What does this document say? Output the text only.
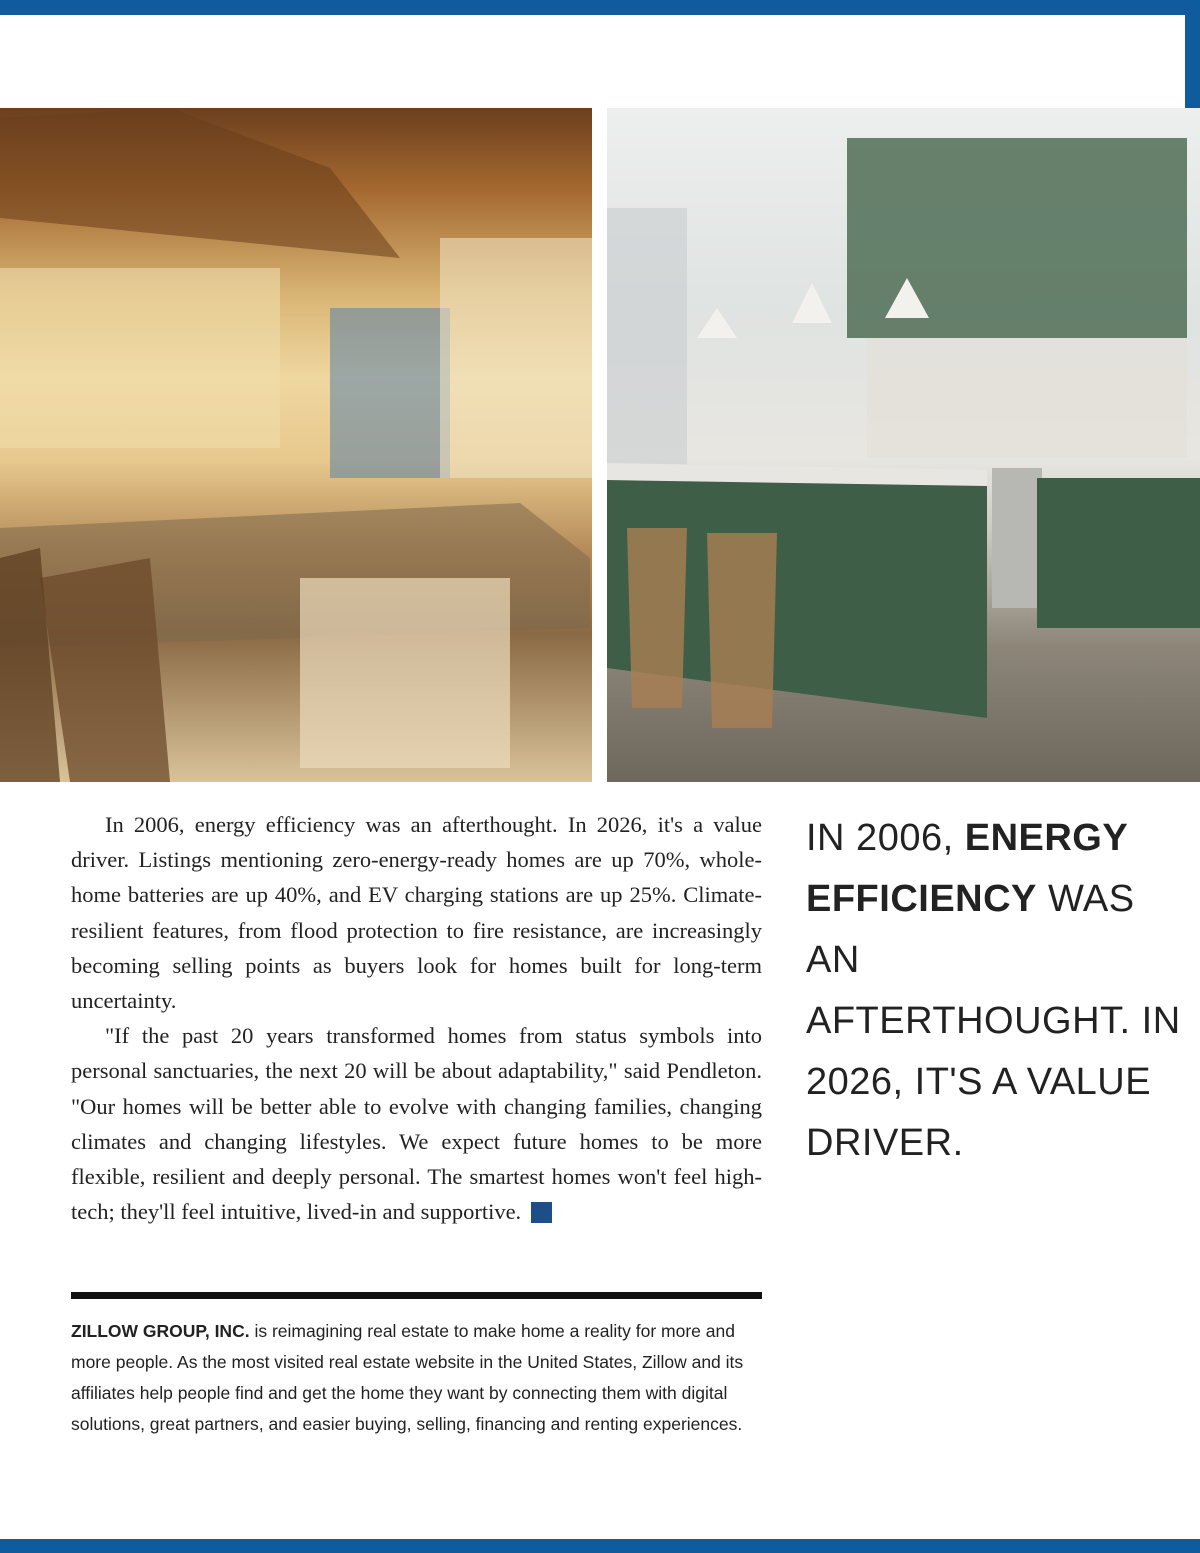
In 2006, energy efficiency was an afterthought. In 2026, it's a value driver. Listings mentioning zero-energy-ready homes are up 70%, whole-home batteries are up 40%, and EV charging stations are up 25%. Climate-resilient features, from flood protection to fire resistance, are increasingly becoming selling points as buyers look for homes built for long-term uncertainty.

"If the past 20 years transformed homes from status symbols into personal sanctuaries, the next 20 will be about adaptability," said Pendleton. "Our homes will be better able to evolve with changing families, changing climates and changing lifestyles. We expect future homes to be more flexible, resilient and deeply personal. The smartest homes won't feel high-tech; they'll feel intuitive, lived-in and supportive.	B

ZILLOW GROUP, INC. is reimagining real estate to make home a reality for more and more people. As the most visited real estate website in the United States, Zillow and its affiliates help people find and get the home they want by connecting them with digital solutions, great partners, and easier buying, selling, financing and renting experiences.
IN 2006, ENERGY EFFICIENCY WAS AN AFTERTHOUGHT. IN 2026, IT'S A VALUE DRIVER.
